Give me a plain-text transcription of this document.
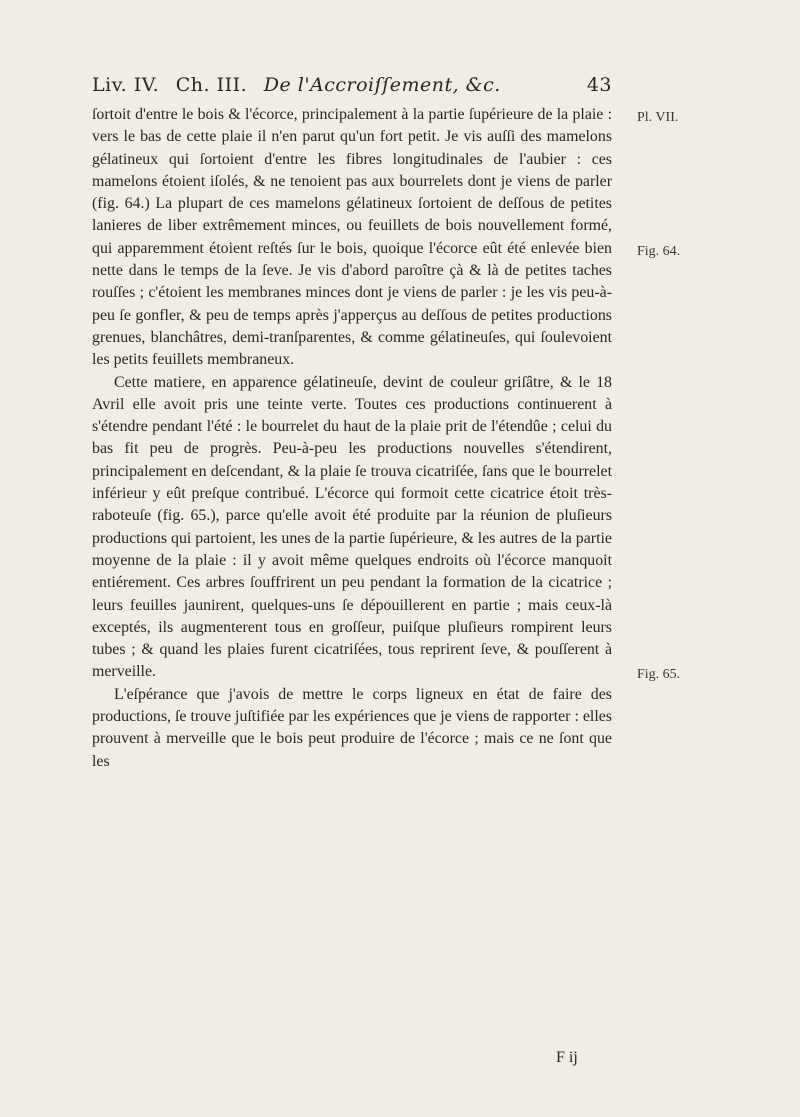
Liv. IV. Ch. III. De l'Accroiſſement, &c.	43

ſortoit d'entre le bois & l'écorce, principalement à la partie ſupérieure de la plaie : vers le bas de cette plaie il n'en parut qu'un fort petit. Je vis auſſi des mamelons gélatineux qui ſortoient d'entre les fibres longitudinales de l'aubier : ces mamelons étoient iſolés, & ne tenoient pas aux bourrelets dont je viens de parler (fig. 64.) La plupart de ces mamelons gélatineux ſortoient de deſſous de petites lanieres de liber extrêmement minces, ou feuillets de bois nouvellement formé, qui apparemment étoient reſtés ſur le bois, quoique l'écorce eût été enlevée bien nette dans le temps de la ſeve. Je vis d'abord paroître çà & là de petites taches rouſſes ; c'étoient les membranes minces dont je viens de parler : je les vis peu-à-peu ſe gonfler, & peu de temps après j'apperçus au deſſous de petites productions grenues, blanchâtres, demi-tranſparentes, & comme gélatineuſes, qui ſoulevoient les petits feuillets membraneux.

Cette matiere, en apparence gélatineuſe, devint de couleur griſâtre, & le 18 Avril elle avoit pris une teinte verte. Toutes ces productions continuerent à s'étendre pendant l'été : le bourrelet du haut de la plaie prit de l'étendûe ; celui du bas fit peu de progrès. Peu-à-peu les productions nouvelles s'étendirent, principalement en deſcendant, & la plaie ſe trouva cicatriſée, ſans que le bourrelet inférieur y eût preſque contribué. L'écorce qui formoit cette cicatrice étoit très-raboteuſe (fig. 65.), parce qu'elle avoit été produite par la réunion de pluſieurs productions qui partoient, les unes de la partie ſupérieure, & les autres de la partie moyenne de la plaie : il y avoit même quelques endroits où l'écorce manquoit entiérement. Ces arbres ſouffrirent un peu pendant la formation de la cicatrice ; leurs feuilles jaunirent, quelques-uns ſe dépouillerent en partie ; mais ceux-là exceptés, ils augmenterent tous en groſſeur, puiſque pluſieurs rompirent leurs tubes ; & quand les plaies furent cicatriſées, tous reprirent ſeve, & pouſſerent à merveille.

L'eſpérance que j'avois de mettre le corps ligneux en état de faire des productions, ſe trouve juſtifiée par les expériences que je viens de rapporter : elles prouvent à merveille que le bois peut produire de l'écorce ; mais ce ne ſont que les

Pl. VII.
Fig. 64.
Fig. 65.
F ij
